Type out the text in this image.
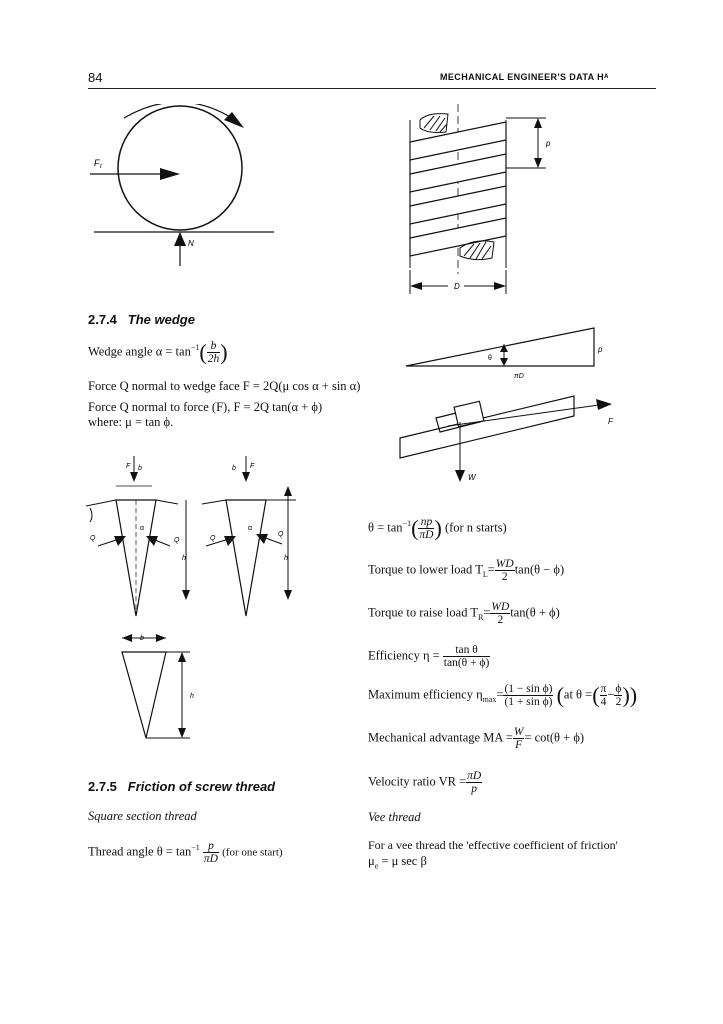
84	MECHANICAL ENGINEER'S DATA Hᴬ
F t
N
p
D
θ
p
πD
F
W
2.7.4 The wedge
Wedge angle $\alpha = \tan^{-1}( \frac{b}{2h}$ )
Force Q normal to wedge face F = 2Q(μ cos α + sin α)
Force Q normal to force (F), F = 2Q tan(α + ϕ)
where: μ = tan ϕ.
F b
Q	Q
α
h
F
b
Q
Q
α
h
b
h
2.7.5 Friction of screw thread
Square section thread
Thread angle $\theta = \tan^{-1} \frac{p}{\pi D} (for$ one start)
$\theta = \tan^{-1}( \frac{np}{\pi D}$ ) (for n starts)
Torque to lower load $T_L= \frac{WD}{2} \tan(\theta - \phi)$
Torque to raise load $T_R= \frac{WD}{2} \tan(\theta + \phi)$
Efficiency $\eta = \frac{\text{tan θ}}{\tan(\theta + \phi)}$
Maximum efficiency $\eta_{max}= \frac{\text{(1 − sin ϕ)}}{\text{(1 + sin ϕ)}} (at$ θ =( $\frac{\pi}{4} - \frac{\phi}{2}$ ))
Mechanical advantage MA = $\frac{W}{F} = \cot(\theta + \phi)$
Velocity ratio VR = $\frac{\pi D}{p}$
Vee thread
For a vee thread the 'effective coefficient of friction'
$\mu_e = \mu$ sec β
